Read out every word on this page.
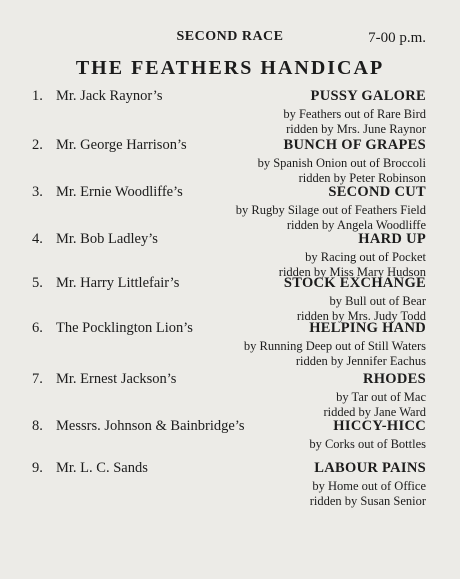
SECOND RACE	7-00 p.m.
THE FEATHERS HANDICAP
1. Mr. Jack Raynor’s	PUSSY GALORE
by Feathers out of Rare Bird
ridden by Mrs. June Raynor
2. Mr. George Harrison’s	BUNCH OF GRAPES
by Spanish Onion out of Broccoli
ridden by Peter Robinson
3. Mr. Ernie Woodliffe’s	SECOND CUT
by Rugby Silage out of Feathers Field
ridden by Angela Woodliffe
4. Mr. Bob Ladley’s	HARD UP
by Racing out of Pocket
ridden by Miss Mary Hudson
5. Mr. Harry Littlefair’s	STOCK EXCHANGE
by Bull out of Bear
ridden by Mrs. Judy Todd
6. The Pocklington Lion’s	HELPING HAND
by Running Deep out of Still Waters
ridden by Jennifer Eachus
7. Mr. Ernest Jackson’s	RHODES
by Tar out of Mac
ridded by Jane Ward
8. Messrs. Johnson & Bainbridge’s	HICCY-HICC
by Corks out of Bottles
9. Mr. L. C. Sands	LABOUR PAINS
by Home out of Office
ridden by Susan Senior
